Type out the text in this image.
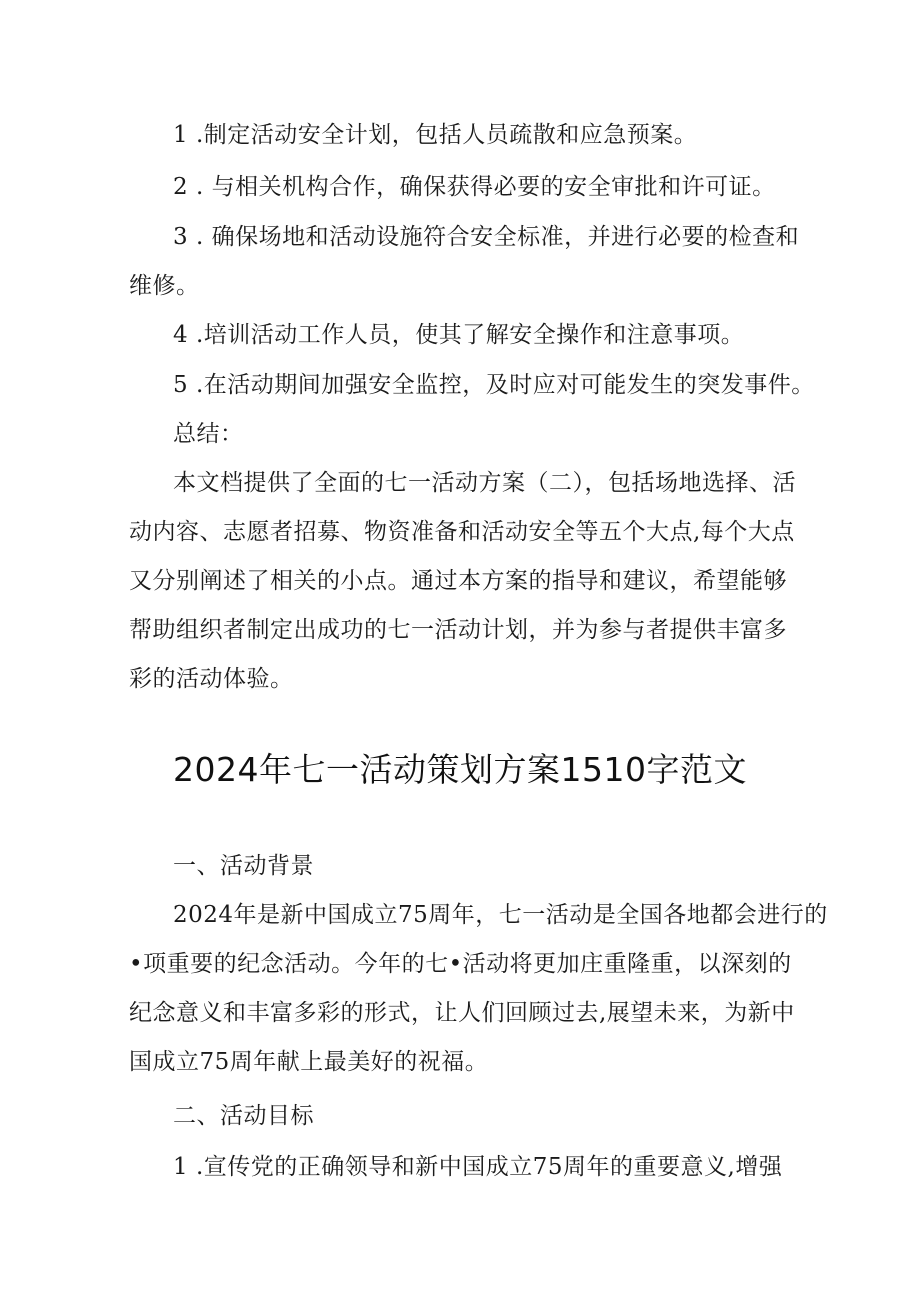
1 .制定活动安全计划，包括人员疏散和应急预案。
2 . 与相关机构合作，确保获得必要的安全审批和许可证。
3 . 确保场地和活动设施符合安全标准，并进行必要的检查和
维修。
4 .培训活动工作人员，使其了解安全操作和注意事项。
5 .在活动期间加强安全监控，及时应对可能发生的突发事件。
总结：
本文档提供了全面的七一活动方案（二），包括场地选择、活
动内容、志愿者招募、物资准备和活动安全等五个大点,每个大点
又分别阐述了相关的小点。通过本方案的指导和建议，希望能够
帮助组织者制定出成功的七一活动计划，并为参与者提供丰富多
彩的活动体验。
2024年七一活动策划方案1510字范文
一、活动背景
2024年是新中国成立75周年，七一活动是全国各地都会进行的
•项重要的纪念活动。今年的七•活动将更加庄重隆重，以深刻的
纪念意义和丰富多彩的形式，让人们回顾过去,展望未来，为新中
国成立75周年献上最美好的祝福。
二、活动目标
1 .宣传党的正确领导和新中国成立75周年的重要意义,增强
